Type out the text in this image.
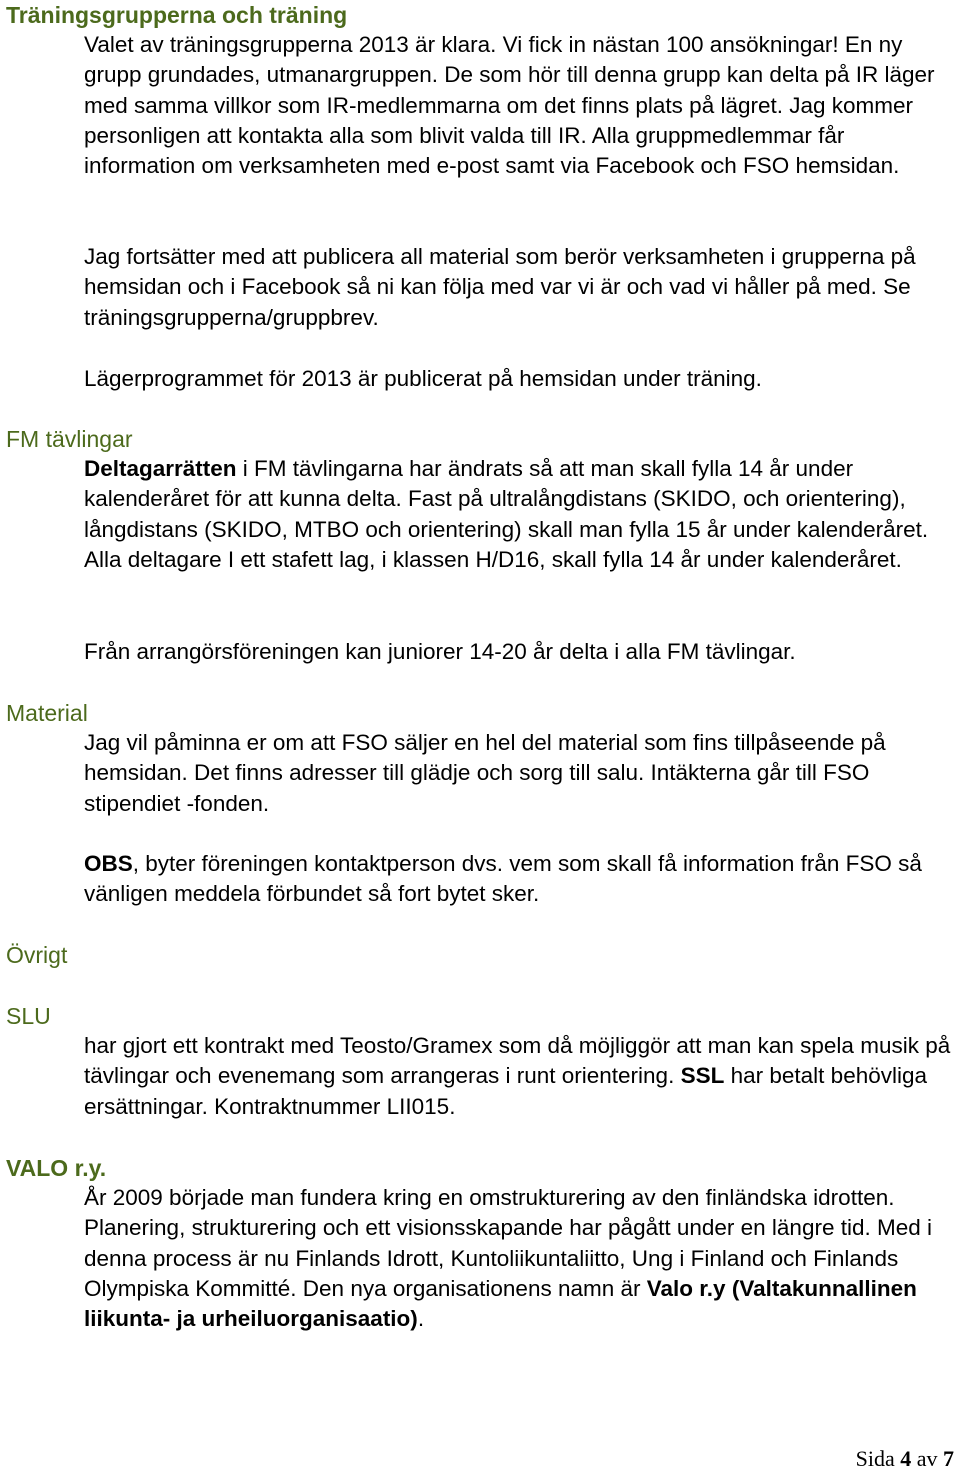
Träningsgrupperna och träning

Valet av träningsgrupperna 2013 är klara. Vi fick in nästan 100 ansökningar! En ny grupp grundades, utmanargruppen. De som hör till denna grupp kan delta på IR läger med samma villkor som IR-medlemmarna om det finns plats på lägret. Jag kommer personligen att kontakta alla som blivit valda till IR. Alla gruppmedlemmar får information om verksamheten med e-post samt via Facebook och FSO hemsidan.

Jag fortsätter med att publicera all material som berör verksamheten i grupperna på hemsidan och i Facebook så ni kan följa med var vi är och vad vi håller på med. Se träningsgrupperna/gruppbrev.

Lägerprogrammet för 2013 är publicerat på hemsidan under träning.

FM tävlingar

Deltagarrätten i FM tävlingarna har ändrats så att man skall fylla 14 år under kalenderåret för att kunna delta. Fast på ultralångdistans (SKIDO, och orientering), långdistans (SKIDO, MTBO och orientering) skall man fylla 15 år under kalenderåret. Alla deltagare I ett stafett lag, i klassen H/D16, skall fylla 14 år under kalenderåret.

Från arrangörsföreningen kan juniorer 14-20 år delta i alla FM tävlingar.

Material

Jag vil påminna er om att FSO säljer en hel del material som fins tillpåseende på hemsidan. Det finns adresser till glädje och sorg till salu. Intäkterna går till FSO stipendiet -fonden.

OBS, byter föreningen kontaktperson dvs. vem som skall få information från FSO så vänligen meddela förbundet så fort bytet sker.

Övrigt
SLU

har gjort ett kontrakt med Teosto/Gramex som då möjliggör att man kan spela musik på tävlingar och evenemang som arrangeras i runt orientering. SSL har betalt behövliga ersättningar. Kontraktnummer LII015.

VALO r.y.

År 2009 började man fundera kring en omstrukturering av den finländska idrotten. Planering, strukturering och ett visionsskapande har pågått under en längre tid. Med i denna process är nu Finlands Idrott, Kuntoliikuntaliitto, Ung i Finland och Finlands Olympiska Kommitté. Den nya organisationens namn är Valo r.y (Valtakunnallinen liikunta- ja urheiluorganisaatio).

Sida 4 av 7
